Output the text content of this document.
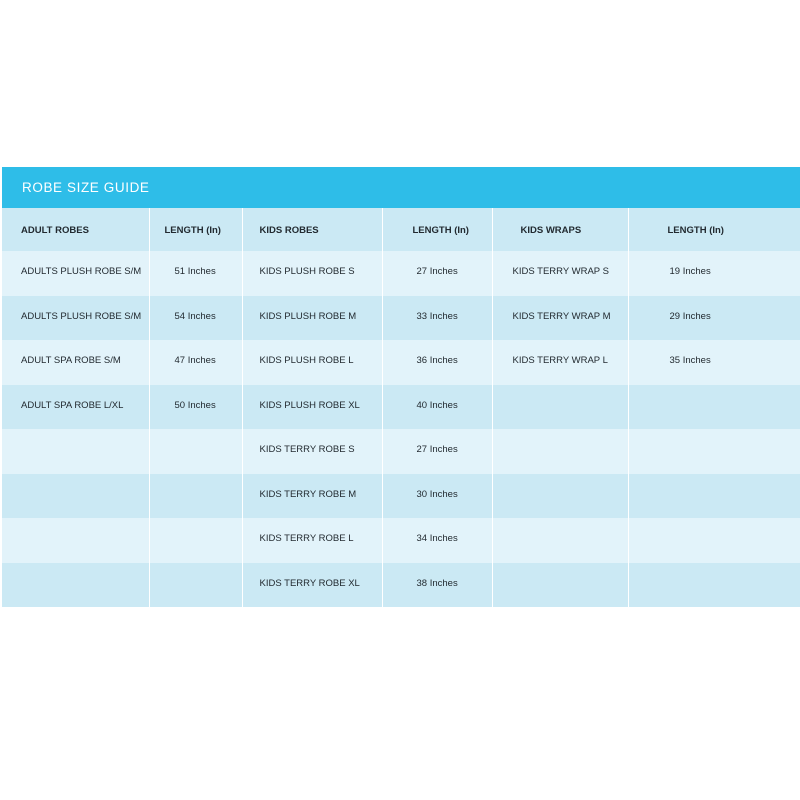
ROBE SIZE GUIDE
ADULT ROBES	LENGTH (In)	KIDS ROBES	LENGTH (In)	KIDS WRAPS	LENGTH (In)
ADULTS PLUSH ROBE S/M	51 Inches	KIDS PLUSH ROBE S	27 Inches	KIDS TERRY WRAP S	19 Inches
ADULTS PLUSH ROBE S/M	54 Inches	KIDS PLUSH ROBE M	33 Inches	KIDS TERRY WRAP M	29 Inches
ADULT SPA ROBE S/M	47 Inches	KIDS PLUSH ROBE L	36 Inches	KIDS TERRY WRAP L	35 Inches
ADULT SPA ROBE L/XL	50 Inches	KIDS PLUSH ROBE XL	40 Inches		
		KIDS TERRY ROBE S	27 Inches		
		KIDS TERRY ROBE M	30 Inches		
		KIDS TERRY ROBE L	34 Inches		
		KIDS TERRY ROBE XL	38 Inches		
